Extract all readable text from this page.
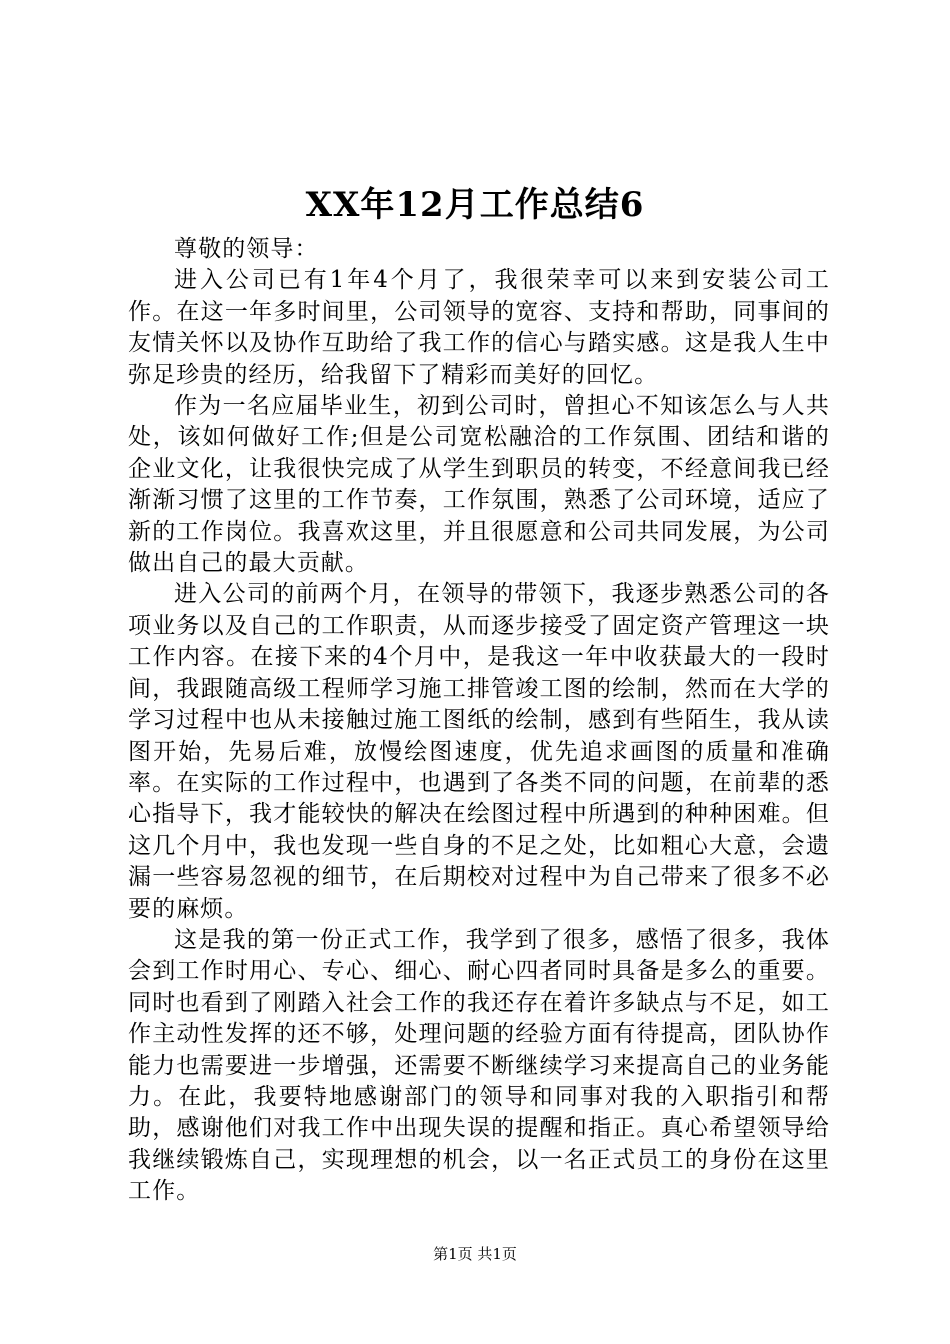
XX年12月工作总结6

尊敬的领导：

进入公司已有1年4个月了，我很荣幸可以来到安装公司工作。在这一年多时间里，公司领导的宽容、支持和帮助，同事间的友情关怀以及协作互助给了我工作的信心与踏实感。这是我人生中弥足珍贵的经历，给我留下了精彩而美好的回忆。

作为一名应届毕业生，初到公司时，曾担心不知该怎么与人共处，该如何做好工作;但是公司宽松融洽的工作氛围、团结和谐的企业文化，让我很快完成了从学生到职员的转变，不经意间我已经渐渐习惯了这里的工作节奏，工作氛围，熟悉了公司环境，适应了新的工作岗位。我喜欢这里，并且很愿意和公司共同发展，为公司做出自己的最大贡献。

进入公司的前两个月，在领导的带领下，我逐步熟悉公司的各项业务以及自己的工作职责，从而逐步接受了固定资产管理这一块工作内容。在接下来的4个月中，是我这一年中收获最大的一段时间，我跟随高级工程师学习施工排管竣工图的绘制，然而在大学的学习过程中也从未接触过施工图纸的绘制，感到有些陌生，我从读图开始，先易后难，放慢绘图速度，优先追求画图的质量和准确率。在实际的工作过程中，也遇到了各类不同的问题，在前辈的悉心指导下，我才能较快的解决在绘图过程中所遇到的种种困难。但这几个月中，我也发现一些自身的不足之处，比如粗心大意，会遗漏一些容易忽视的细节，在后期校对过程中为自己带来了很多不必要的麻烦。

这是我的第一份正式工作，我学到了很多，感悟了很多，我体会到工作时用心、专心、细心、耐心四者同时具备是多么的重要。同时也看到了刚踏入社会工作的我还存在着许多缺点与不足，如工作主动性发挥的还不够，处理问题的经验方面有待提高，团队协作能力也需要进一步增强，还需要不断继续学习来提高自己的业务能力。在此，我要特地感谢部门的领导和同事对我的入职指引和帮助，感谢他们对我工作中出现失误的提醒和指正。真心希望领导给我继续锻炼自己，实现理想的机会，以一名正式员工的身份在这里工作。

第1页 共1页
